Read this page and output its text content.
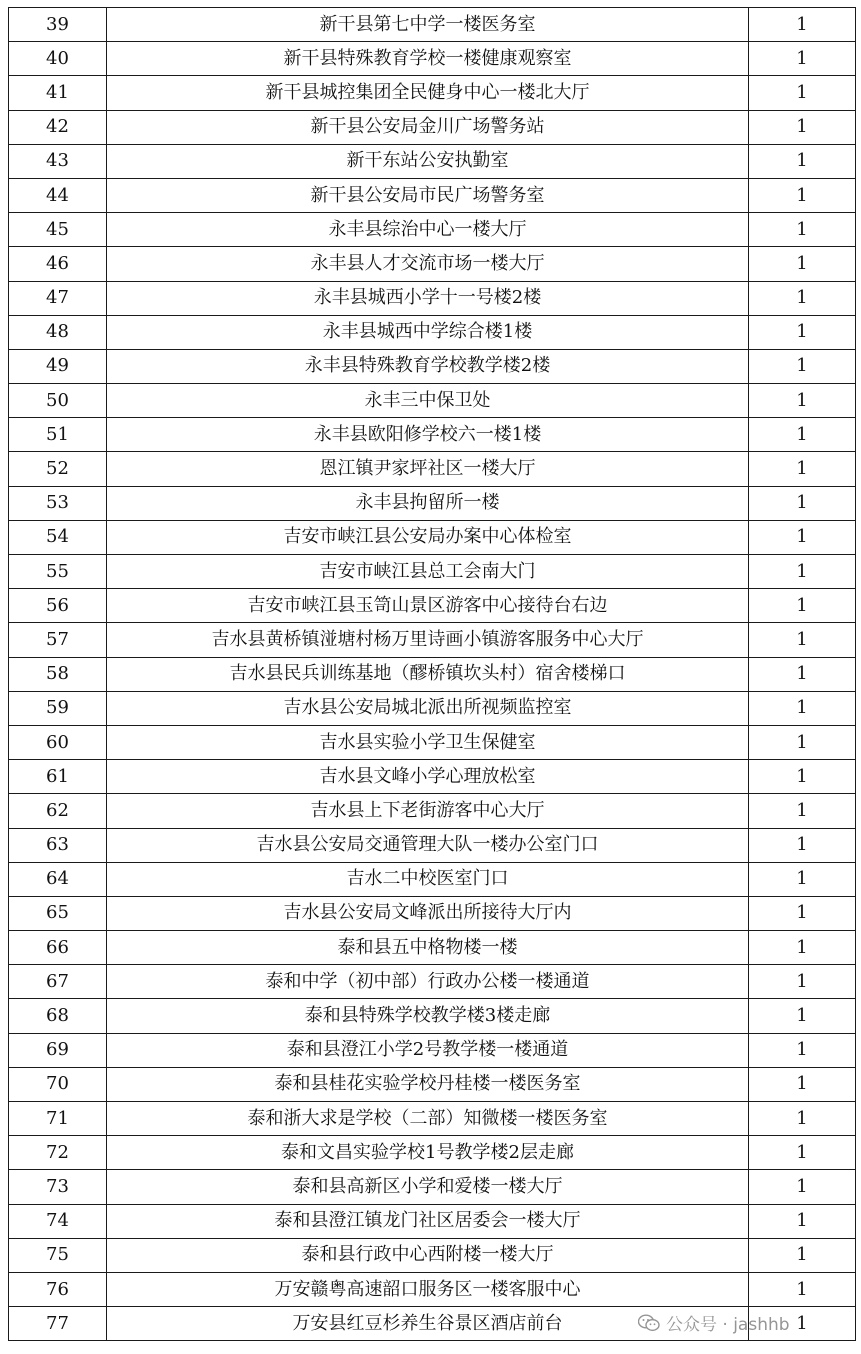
39	新干县第七中学一楼医务室	1
40	新干县特殊教育学校一楼健康观察室	1
41	新干县城控集团全民健身中心一楼北大厅	1
42	新干县公安局金川广场警务站	1
43	新干东站公安执勤室	1
44	新干县公安局市民广场警务室	1
45	永丰县综治中心一楼大厅	1
46	永丰县人才交流市场一楼大厅	1
47	永丰县城西小学十一号楼2楼	1
48	永丰县城西中学综合楼1楼	1
49	永丰县特殊教育学校教学楼2楼	1
50	永丰三中保卫处	1
51	永丰县欧阳修学校六一楼1楼	1
52	恩江镇尹家坪社区一楼大厅	1
53	永丰县拘留所一楼	1
54	吉安市峡江县公安局办案中心体检室	1
55	吉安市峡江县总工会南大门	1
56	吉安市峡江县玉笥山景区游客中心接待台右边	1
57	吉水县黄桥镇湴塘村杨万里诗画小镇游客服务中心大厅	1
58	吉水县民兵训练基地（醪桥镇坎头村）宿舍楼梯口	1
59	吉水县公安局城北派出所视频监控室	1
60	吉水县实验小学卫生保健室	1
61	吉水县文峰小学心理放松室	1
62	吉水县上下老街游客中心大厅	1
63	吉水县公安局交通管理大队一楼办公室门口	1
64	吉水二中校医室门口	1
65	吉水县公安局文峰派出所接待大厅内	1
66	泰和县五中格物楼一楼	1
67	泰和中学（初中部）行政办公楼一楼通道	1
68	泰和县特殊学校教学楼3楼走廊	1
69	泰和县澄江小学2号教学楼一楼通道	1
70	泰和县桂花实验学校丹桂楼一楼医务室	1
71	泰和浙大求是学校（二部）知微楼一楼医务室	1
72	泰和文昌实验学校1号教学楼2层走廊	1
73	泰和县高新区小学和爱楼一楼大厅	1
74	泰和县澄江镇龙门社区居委会一楼大厅	1
75	泰和县行政中心西附楼一楼大厅	1
76	万安赣粤高速韶口服务区一楼客服中心	1
77	万安县红豆杉养生谷景区酒店前台	1
公众号 · jashhb
